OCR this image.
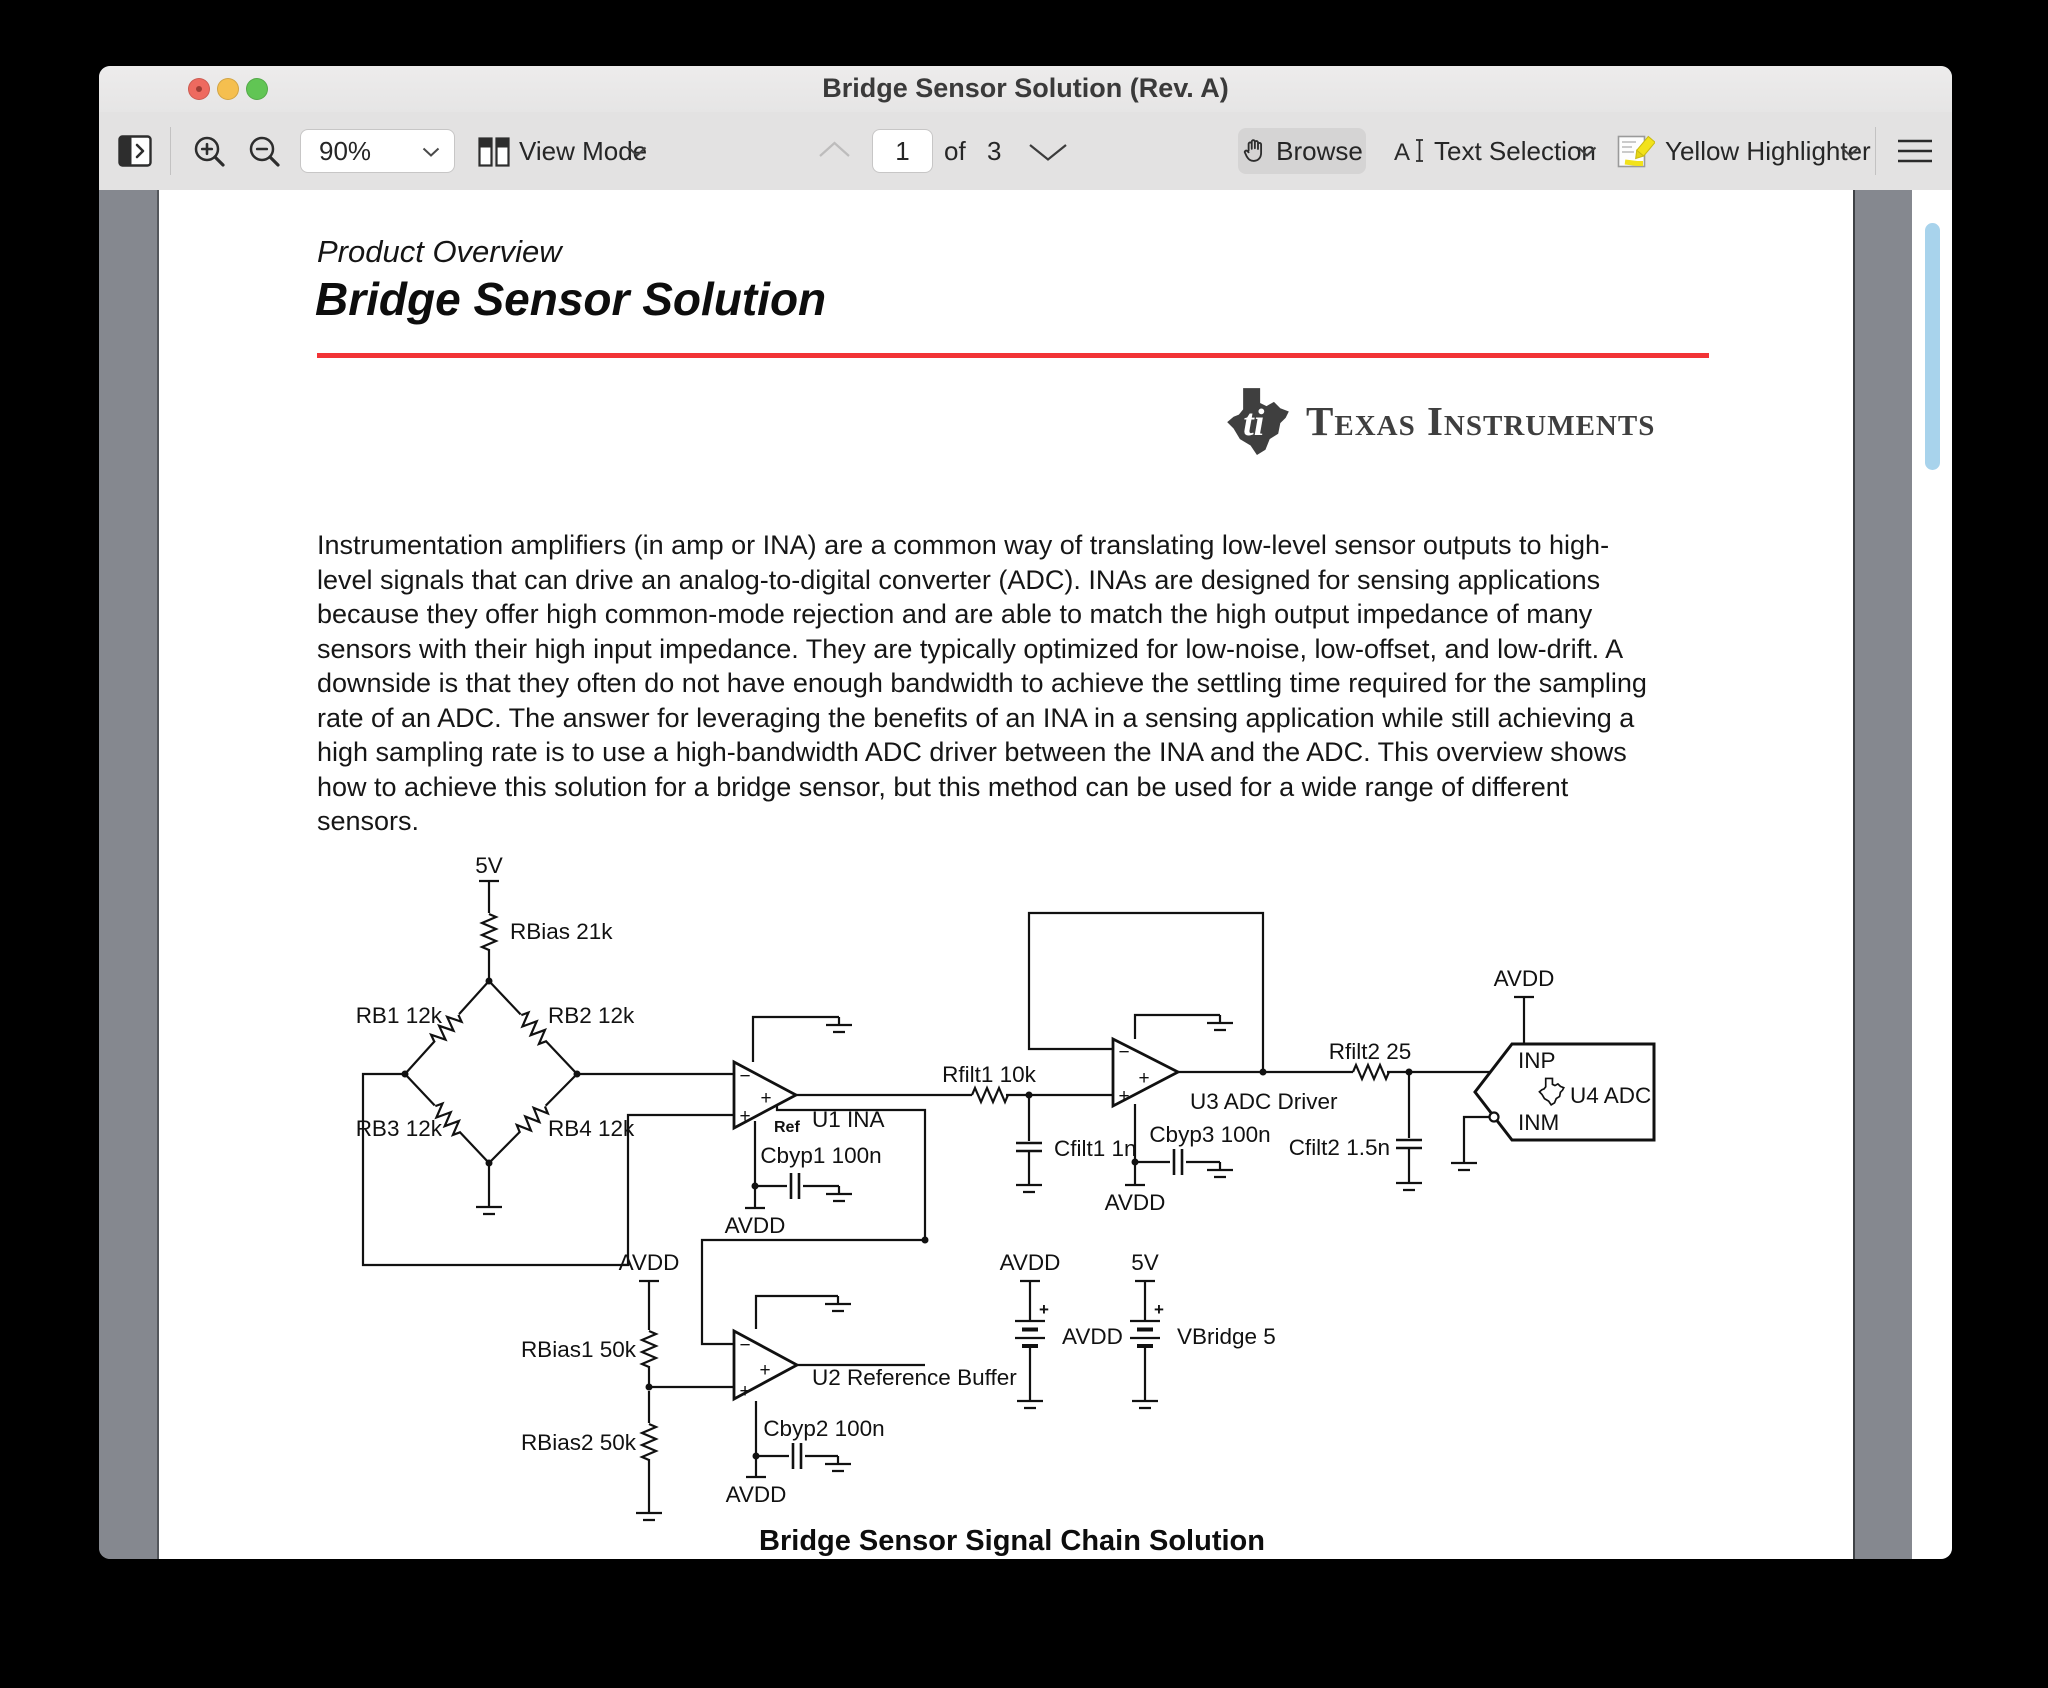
Bridge Sensor Solution (Rev. A)
90%	View Mode	1	of 3	Browse A Text Selection	Yellow Highlighter
Product Overview
Bridge Sensor Solution
ti Texas Instruments
Instrumentation amplifiers (in amp or INA) are a common way of translating low-level sensor outputs to high-level signals that can drive an analog-to-digital converter (ADC). INAs are designed for sensing applications because they offer high common-mode rejection and are able to match the high output impedance of many sensors with their high input impedance. They are typically optimized for low-noise, low-offset, and low-drift. A downside is that they often do not have enough bandwidth to achieve the settling time required for the sampling rate of an ADC. The answer for leveraging the benefits of an INA in a sensing application while still achieving a high sampling rate is to use a high-bandwidth ADC driver between the INA and the ADC. This overview shows how to achieve this solution for a bridge sensor, but this method can be used for a wide range of different sensors.
5V
RBias 21k
RB1 12k	RB2 12k
RB3 12k	RB4 12k
−
+
+
Ref U1 INA
Cbyp1 100n
AVDD
Rfilt1 10k
Cfilt1 1n
−
+
+
U3 ADC Driver
Cbyp3 100n
AVDD
Rfilt2 25
Cfilt2 1.5n
AVDD
INP
INM
U4 ADC
AVDD
RBias1 50k
RBias2 50k
−
+
+ U2 Reference Buffer
Cbyp2 100n
AVDD
AVDD
+
AVDD
5V
+
VBridge 5
Bridge Sensor Signal Chain Solution
